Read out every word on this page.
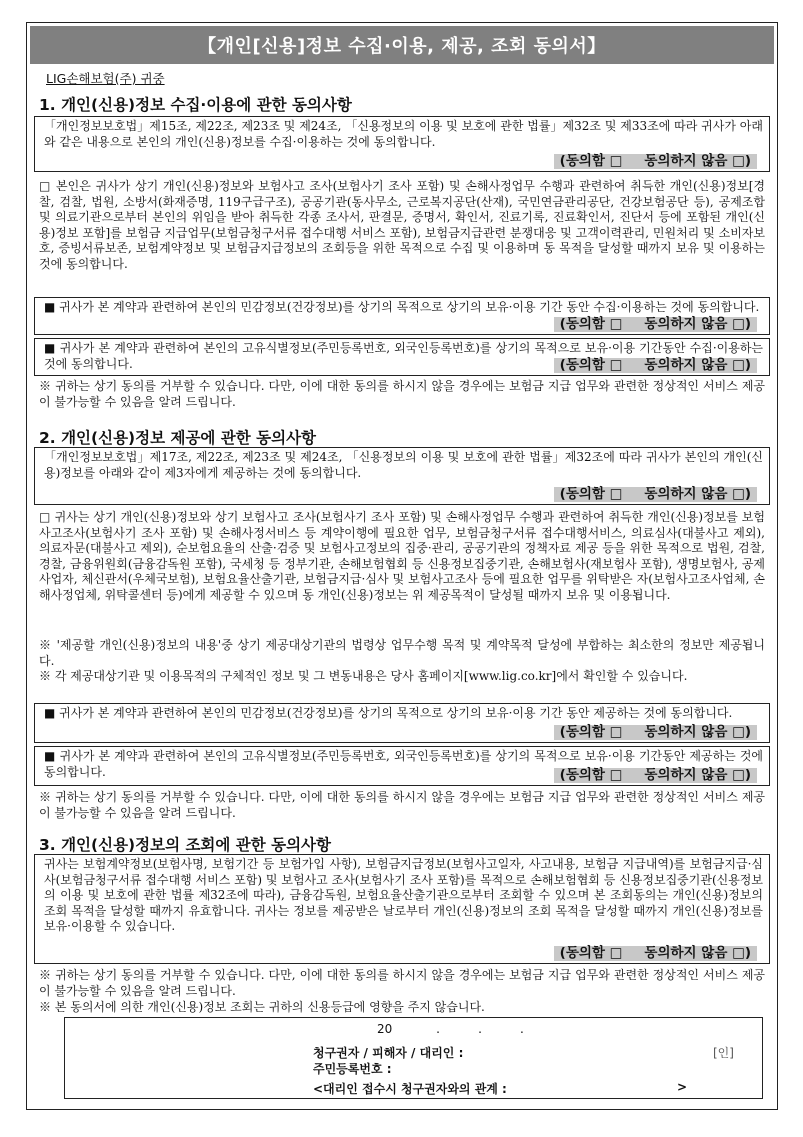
【개인[신용]정보 수집·이용, 제공, 조회 동의서】
LIG손해보험(주) 귀중
1. 개인(신용)정보 수집·이용에 관한 동의사항
「개인정보보호법」제15조, 제22조, 제23조 및 제24조, 「신용정보의 이용 및 보호에 관한 법률」제32조 및 제33조에 따라 귀사가 아래와 같은 내용으로 본인의 개인(신용)정보를 수집·이용하는 것에 동의합니다.
(동의함 □ 동의하지 않음 □)
□ 본인은 귀사가 상기 개인(신용)정보와 보험사고 조사(보험사기 조사 포함) 및 손해사정업무 수행과 관련하여 취득한 개인(신용)정보[경찰, 검찰, 법원, 소방서(화재증명, 119구급구조), 공공기관(동사무소, 근로복지공단(산재), 국민연금관리공단, 건강보험공단 등), 공제조합 및 의료기관으로부터 본인의 위임을 받아 취득한 각종 조사서, 판결문, 증명서, 확인서, 진료기록, 진료확인서, 진단서 등에 포함된 개인(신용)정보 포함]를 보험금 지급업무(보험금청구서류 접수대행 서비스 포함), 보험금지급관련 분쟁대응 및 고객이력관리, 민원처리 및 소비자보호, 증빙서류보존, 보험계약정보 및 보험금지급정보의 조회등을 위한 목적으로 수집 및 이용하며 동 목적을 달성할 때까지 보유 및 이용하는 것에 동의합니다.
■ 귀사가 본 계약과 관련하여 본인의 민감정보(건강정보)를 상기의 목적으로 상기의 보유·이용 기간 동안 수집·이용하는 것에 동의합니다.
(동의함 □ 동의하지 않음 □)
■ 귀사가 본 계약과 관련하여 본인의 고유식별정보(주민등록번호, 외국인등록번호)를 상기의 목적으로 보유·이용 기간동안 수집·이용하는 것에 동의합니다.	(동의함 □ 동의하지 않음 □)
※ 귀하는 상기 동의를 거부할 수 있습니다. 다만, 이에 대한 동의를 하시지 않을 경우에는 보험금 지급 업무와 관련한 정상적인 서비스 제공이 불가능할 수 있음을 알려 드립니다.
2. 개인(신용)정보 제공에 관한 동의사항
「개인정보보호법」제17조, 제22조, 제23조 및 제24조, 「신용정보의 이용 및 보호에 관한 법률」제32조에 따라 귀사가 본인의 개인(신용)정보를 아래와 같이 제3자에게 제공하는 것에 동의합니다.
(동의함 □ 동의하지 않음 □)
□ 귀사는 상기 개인(신용)정보와 상기 보험사고 조사(보험사기 조사 포함) 및 손해사정업무 수행과 관련하여 취득한 개인(신용)정보를 보험사고조사(보험사기 조사 포함) 및 손해사정서비스 등 계약이행에 필요한 업무, 보험금청구서류 접수대행서비스, 의료심사(대불사고 제외), 의료자문(대불사고 제외), 순보험요율의 산출·검증 및 보험사고정보의 집중·관리, 공공기관의 정책자료 제공 등을 위한 목적으로 법원, 검찰, 경찰, 금융위원회(금융감독원 포함), 국세청 등 정부기관, 손해보험협회 등 신용정보집중기관, 손해보험사(재보험사 포함), 생명보험사, 공제사업자, 체신관서(우체국보험), 보험요율산출기관, 보험금지급·심사 및 보험사고조사 등에 필요한 업무를 위탁받은 자(보험사고조사업체, 손해사정업체, 위탁콜센터 등)에게 제공할 수 있으며 동 개인(신용)정보는 위 제공목적이 달성될 때까지 보유 및 이용됩니다.
※ '제공할 개인(신용)정보의 내용'중 상기 제공대상기관의 법령상 업무수행 목적 및 계약목적 달성에 부합하는 최소한의 정보만 제공됩니다.
※ 각 제공대상기관 및 이용목적의 구체적인 정보 및 그 변동내용은 당사 홈페이지[www.lig.co.kr]에서 확인할 수 있습니다.
■ 귀사가 본 계약과 관련하여 본인의 민감정보(건강정보)를 상기의 목적으로 상기의 보유·이용 기간 동안 제공하는 것에 동의합니다.
(동의함 □ 동의하지 않음 □)
■ 귀사가 본 계약과 관련하여 본인의 고유식별정보(주민등록번호, 외국인등록번호)를 상기의 목적으로 보유·이용 기간동안 제공하는 것에 동의합니다.	(동의함 □ 동의하지 않음 □)
※ 귀하는 상기 동의를 거부할 수 있습니다. 다만, 이에 대한 동의를 하시지 않을 경우에는 보험금 지급 업무와 관련한 정상적인 서비스 제공이 불가능할 수 있음을 알려 드립니다.
3. 개인(신용)정보의 조회에 관한 동의사항
귀사는 보험계약정보(보험사명, 보험기간 등 보험가입 사항), 보험금지급정보(보험사고일자, 사고내용, 보험금 지급내역)를 보험금지급·심사(보험금청구서류 접수대행 서비스 포함) 및 보험사고 조사(보험사기 조사 포함)를 목적으로 손해보험협회 등 신용정보집중기관(신용정보의 이용 및 보호에 관한 법률 제32조에 따라), 금융감독원, 보험요율산출기관으로부터 조회할 수 있으며 본 조회동의는 개인(신용)정보의 조회 목적을 달성할 때까지 유효합니다. 귀사는 정보를 제공받은 날로부터 개인(신용)정보의 조회 목적을 달성할 때까지 개인(신용)정보를 보유·이용할 수 있습니다.
(동의함 □ 동의하지 않음 □)
※ 귀하는 상기 동의를 거부할 수 있습니다. 다만, 이에 대한 동의를 하시지 않을 경우에는 보험금 지급 업무와 관련한 정상적인 서비스 제공이 불가능할 수 있음을 알려 드립니다.
※ 본 동의서에 의한 개인(신용)정보 조회는 귀하의 신용등급에 영향을 주지 않습니다.
20	.          .          .
청구권자 / 피해자 / 대리인 :	[인]
주민등록번호 :
<대리인 접수시 청구권자와의 관계 :	>
